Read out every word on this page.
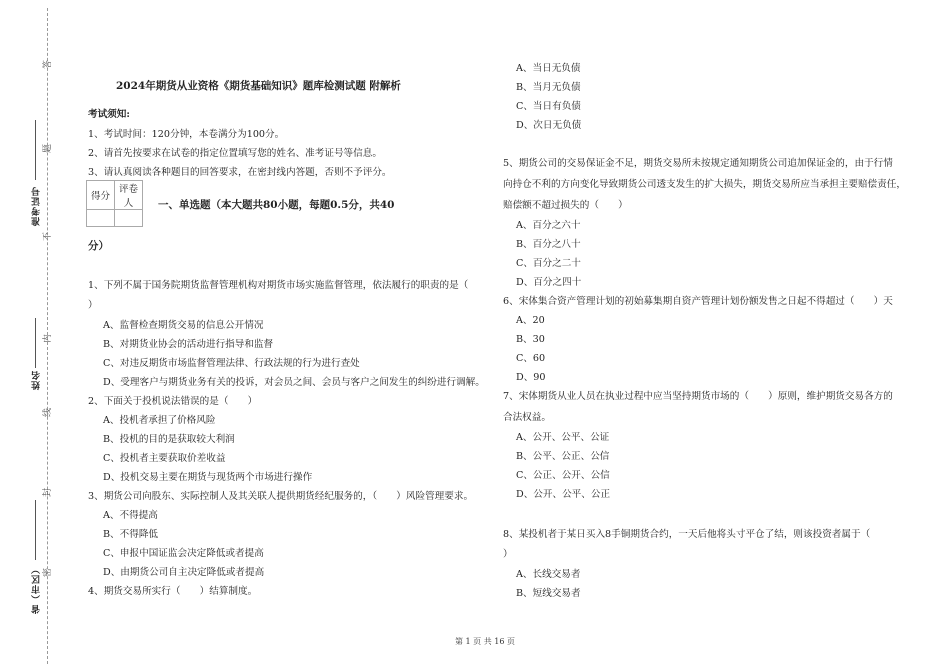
答
题
不
内
线
封
密
准考证号
姓名
省（市区）
2024年期货从业资格《期货基础知识》题库检测试题 附解析
考试须知:
1、考试时间：120分钟，本卷满分为100分。
2、请首先按要求在试卷的指定位置填写您的姓名、准考证号等信息。
3、请认真阅读各种题目的回答要求，在密封线内答题，否则不予评分。
得分	评卷人
	一、单选题（本大题共80小题，每题0.5分，共40
分）
1、下列不属于国务院期货监督管理机构对期货市场实施监督管理，依法履行的职责的是（
）
A、监督检查期货交易的信息公开情况
B、对期货业协会的活动进行指导和监督
C、对违反期货市场监督管理法律、行政法规的行为进行查处
D、受理客户与期货业务有关的投诉，对会员之间、会员与客户之间发生的纠纷进行调解。
2、下面关于投机说法错误的是（　　）
A、投机者承担了价格风险
B、投机的目的是获取较大利润
C、投机者主要获取价差收益
D、投机交易主要在期货与现货两个市场进行操作
3、期货公司向股东、实际控制人及其关联人提供期货经纪服务的，（　　）风险管理要求。
A、不得提高
B、不得降低
C、申报中国证监会决定降低或者提高
D、由期货公司自主决定降低或者提高
4、期货交易所实行（　　）结算制度。
A、当日无负债
B、当月无负债
C、当日有负债
D、次日无负债
5、期货公司的交易保证金不足，期货交易所未按规定通知期货公司追加保证金的，由于行情
向持仓不利的方向变化导致期货公司透支发生的扩大损失，期货交易所应当承担主要赔偿责任，
赔偿额不超过损失的（　　）
A、百分之六十
B、百分之八十
C、百分之二十
D、百分之四十
6、宋体集合资产管理计划的初始募集期自资产管理计划份额发售之日起不得超过（　　）天
A、20
B、30
C、60
D、90
7、宋体期货从业人员在执业过程中应当坚持期货市场的（　　）原则，维护期货交易各方的
合法权益。
A、公开、公平、公证
B、公平、公正、公信
C、公正、公开、公信
D、公开、公平、公正
8、某投机者于某日买入8手铜期货合约，一天后他将头寸平仓了结，则该投资者属于（
）
A、长线交易者
B、短线交易者
第 1 页 共 16 页
